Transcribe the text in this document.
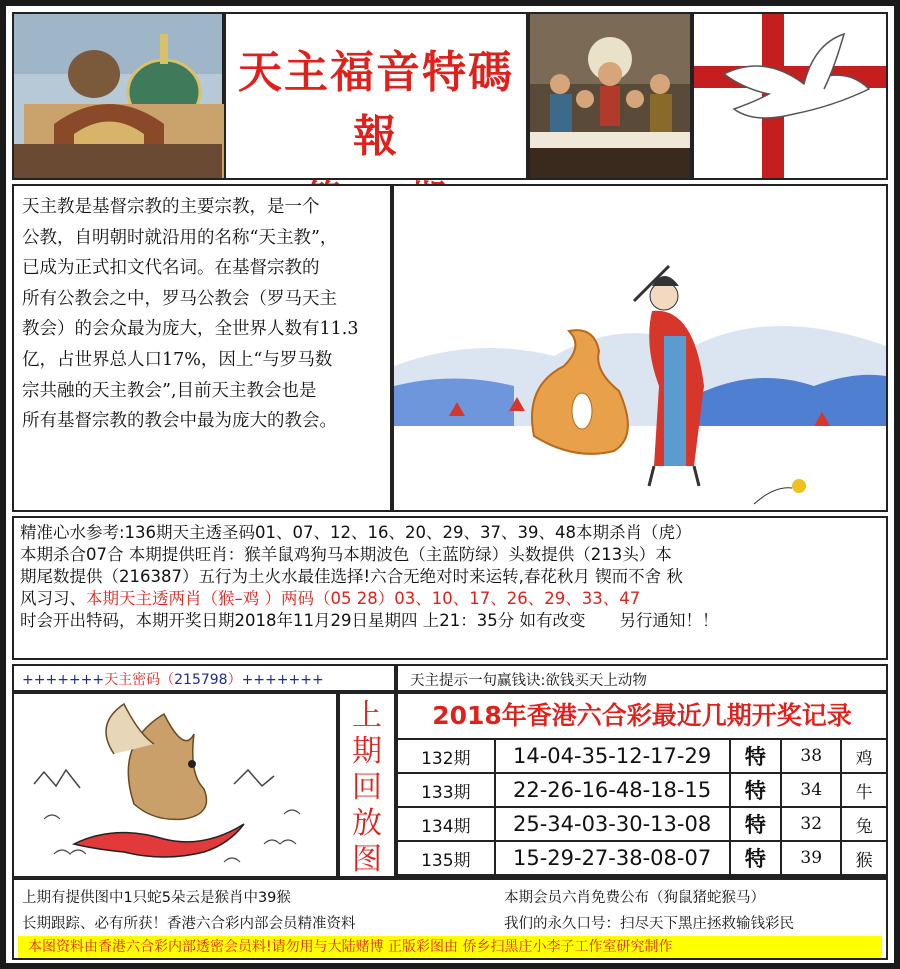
天主福音特碼報
天主教是基督宗教的主要宗教，是一个
公教，自明朝时就沿用的名称“天主教”，
已成为正式扣文代名词。在基督宗教的
所有公教会之中，罗马公教会（罗马天主
教会）的会众最为庞大，全世界人数有11.3
亿，占世界总人口17%，因上“与罗马数
宗共融的天主教会”,目前天主教会也是
所有基督宗教的教会中最为庞大的教会。
精准心水参考:136期天主透圣码01、07、12、16、20、29、37、39、48本期杀肖（虎）
本期杀合07合 本期提供旺肖：猴羊鼠鸡狗马本期波色（主蓝防绿）头数提供（213头）本
期尾数提供（216387）五行为土火水最佳选择!六合无绝对时来运转,春花秋月 锲而不舍 秋
风习习、本期天主透两肖（猴–鸡 ）两码（05 28）03、10、17、26、29、33、47
时会开出特码，本期开奖日期2018年11月29日星期四 上21：35分 如有改变 另行通知！！
+++++++天主密码（215798）+++++++	天主提示一句赢钱诀:欲钱买天上动物
上
期
回
放
图
2018年香港六合彩最近几期开奖记录
132期	14-04-35-12-17-29	特	38	鸡
133期	22-26-16-48-18-15	特	34	牛
134期	25-34-03-30-13-08	特	32	兔
135期	15-29-27-38-08-07	特	39	猴
上期有提供图中1只蛇5朵云是猴肖中39猴	本期会员六肖免费公布（狗鼠猪蛇猴马）
长期跟踪、必有所获！香港六合彩内部会员精准资料	我们的永久口号：扫尽天下黑庄拯救输钱彩民
本图资料由香港六合彩内部透密会员料!请勿用与大陆赌博 正版彩图由 侨乡扫黑庄小李子工作室研究制作
